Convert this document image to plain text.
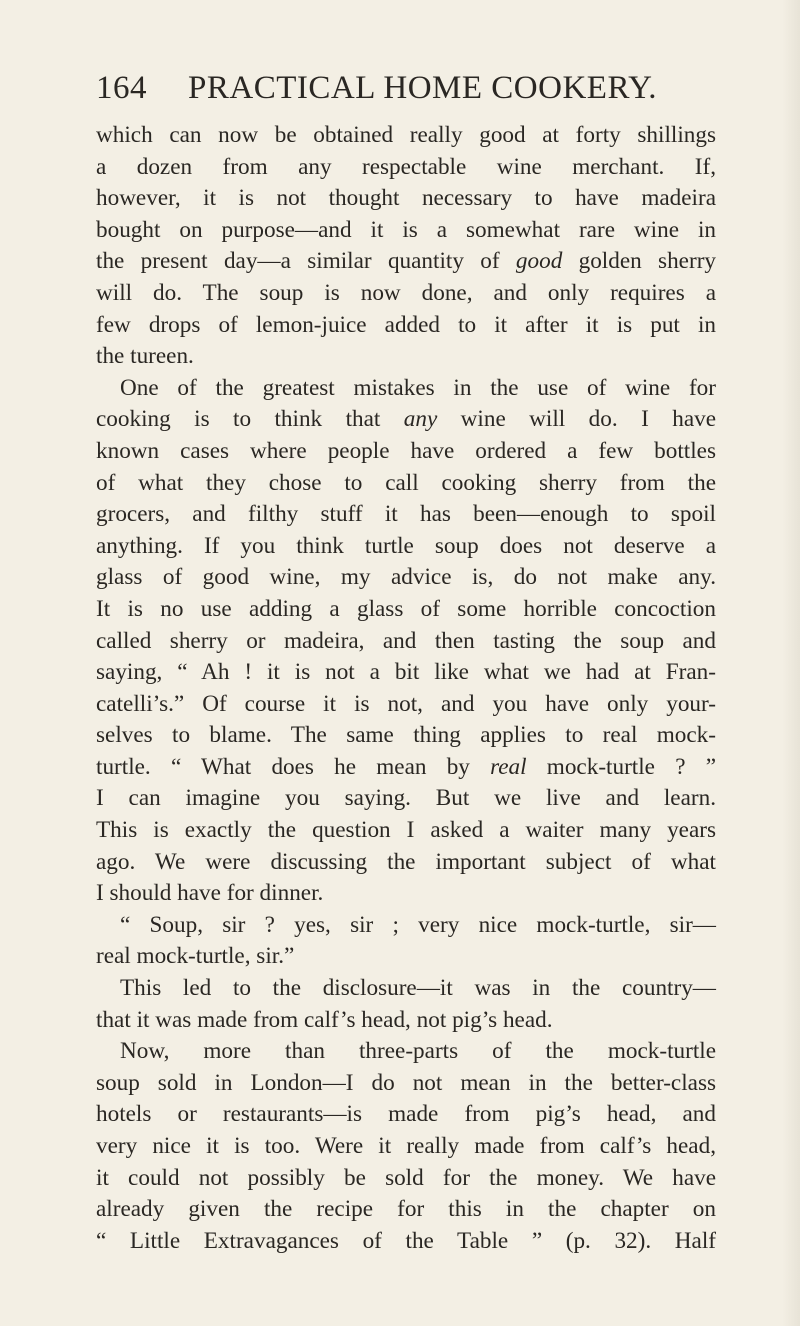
164 PRACTICAL HOME COOKERY.
which can now be obtained really good at forty shillings
a dozen from any respectable wine merchant. If,
however, it is not thought necessary to have madeira
bought on purpose—and it is a somewhat rare wine in
the present day—a similar quantity of good golden sherry
will do. The soup is now done, and only requires a
few drops of lemon-juice added to it after it is put in
the tureen.
One of the greatest mistakes in the use of wine for
cooking is to think that any wine will do. I have
known cases where people have ordered a few bottles
of what they chose to call cooking sherry from the
grocers, and filthy stuff it has been—enough to spoil
anything. If you think turtle soup does not deserve a
glass of good wine, my advice is, do not make any.
It is no use adding a glass of some horrible concoction
called sherry or madeira, and then tasting the soup and
saying, “ Ah ! it is not a bit like what we had at Fran-
catelli’s.” Of course it is not, and you have only your-
selves to blame. The same thing applies to real mock-
turtle. “ What does he mean by real mock-turtle ? ”
I can imagine you saying. But we live and learn.
This is exactly the question I asked a waiter many years
ago. We were discussing the important subject of what
I should have for dinner.
“ Soup, sir ? yes, sir ; very nice mock-turtle, sir—
real mock-turtle, sir.”
This led to the disclosure—it was in the country—
that it was made from calf’s head, not pig’s head.
Now, more than three-parts of the mock-turtle
soup sold in London—I do not mean in the better-class
hotels or restaurants—is made from pig’s head, and
very nice it is too. Were it really made from calf’s head,
it could not possibly be sold for the money. We have
already given the recipe for this in the chapter on
“ Little Extravagances of the Table ” (p. 32). Half
